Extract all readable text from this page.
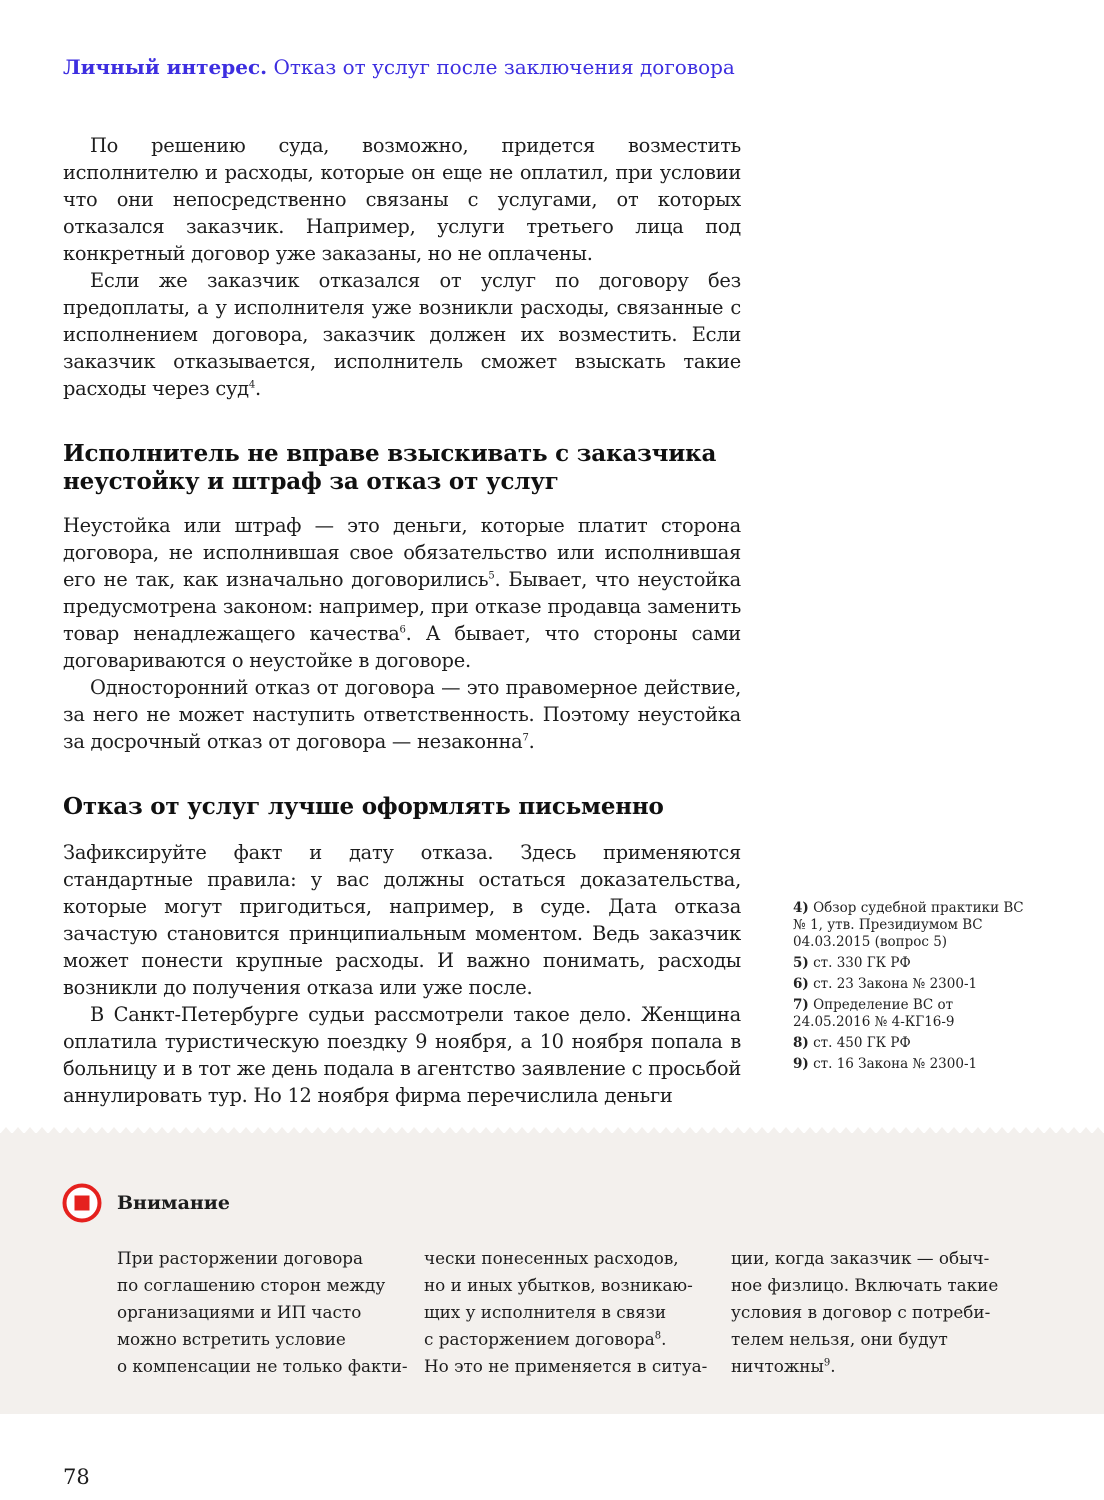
Личный интерес. Отказ от услуг после заключения договора

По решению суда, возможно, придется возместить исполнителю и расходы, которые он еще не оплатил, при условии что они непосредственно связаны с услугами, от которых отказался заказчик. Например, услуги третьего лица под конкретный договор уже заказаны, но не оплачены.

Если же заказчик отказался от услуг по договору без предоплаты, а у исполнителя уже возникли расходы, связанные с исполнением договора, заказчик должен их возместить. Если заказчик отказывается, исполнитель сможет взыскать такие расходы через суд$^4$.

Исполнитель не вправе взыскивать с заказчика неустойку и штраф за отказ от услуг

Неустойка или штраф — это деньги, которые платит сторона договора, не исполнившая свое обязательство или исполнившая его не так, как изначально договорились$^5$. Бывает, что неустойка предусмотрена законом: например, при отказе продавца заменить товар ненадлежащего качества$^6$. А бывает, что стороны сами договариваются о неустойке в договоре.

Односторонний отказ от договора — это правомерное действие, за него не может наступить ответственность. Поэтому неустойка за досрочный отказ от договора — незаконна$^7$.

Отказ от услуг лучше оформлять письменно

Зафиксируйте факт и дату отказа. Здесь применяются стандартные правила: у вас должны остаться доказательства, которые могут пригодиться, например, в суде. Дата отказа зачастую становится принципиальным моментом. Ведь заказчик может понести крупные расходы. И важно понимать, расходы возникли до получения отказа или уже после.

В Санкт-Петербурге судьи рассмотрели такое дело. Женщина оплатила туристическую поездку 9 ноября, а 10 ноября попала в больницу и в тот же день подала в агентство заявление с просьбой аннулировать тур. Но 12 ноября фирма перечислила деньги

4) Обзор судебной практики ВС № 1, утв. Президиумом ВС 04.03.2015 (вопрос 5)
5) ст. 330 ГК РФ
6) ст. 23 Закона № 2300-1
7) Определение ВС от 24.05.2016 № 4-КГ16-9
8) ст. 450 ГК РФ
9) ст. 16 Закона № 2300-1
Внимание
При расторжении договора
по соглашению сторон между
организациями и ИП часто
можно встретить условие
о компенсации не только факти-
чески понесенных расходов,
но и иных убытков, возникаю-
щих у исполнителя в связи
с расторжением договора$^8$.
Но это не применяется в ситуа-
ции, когда заказчик — обыч-
ное физлицо. Включать такие
условия в договор с потреби-
телем нельзя, они будут
ничтожны$^9$.
78
